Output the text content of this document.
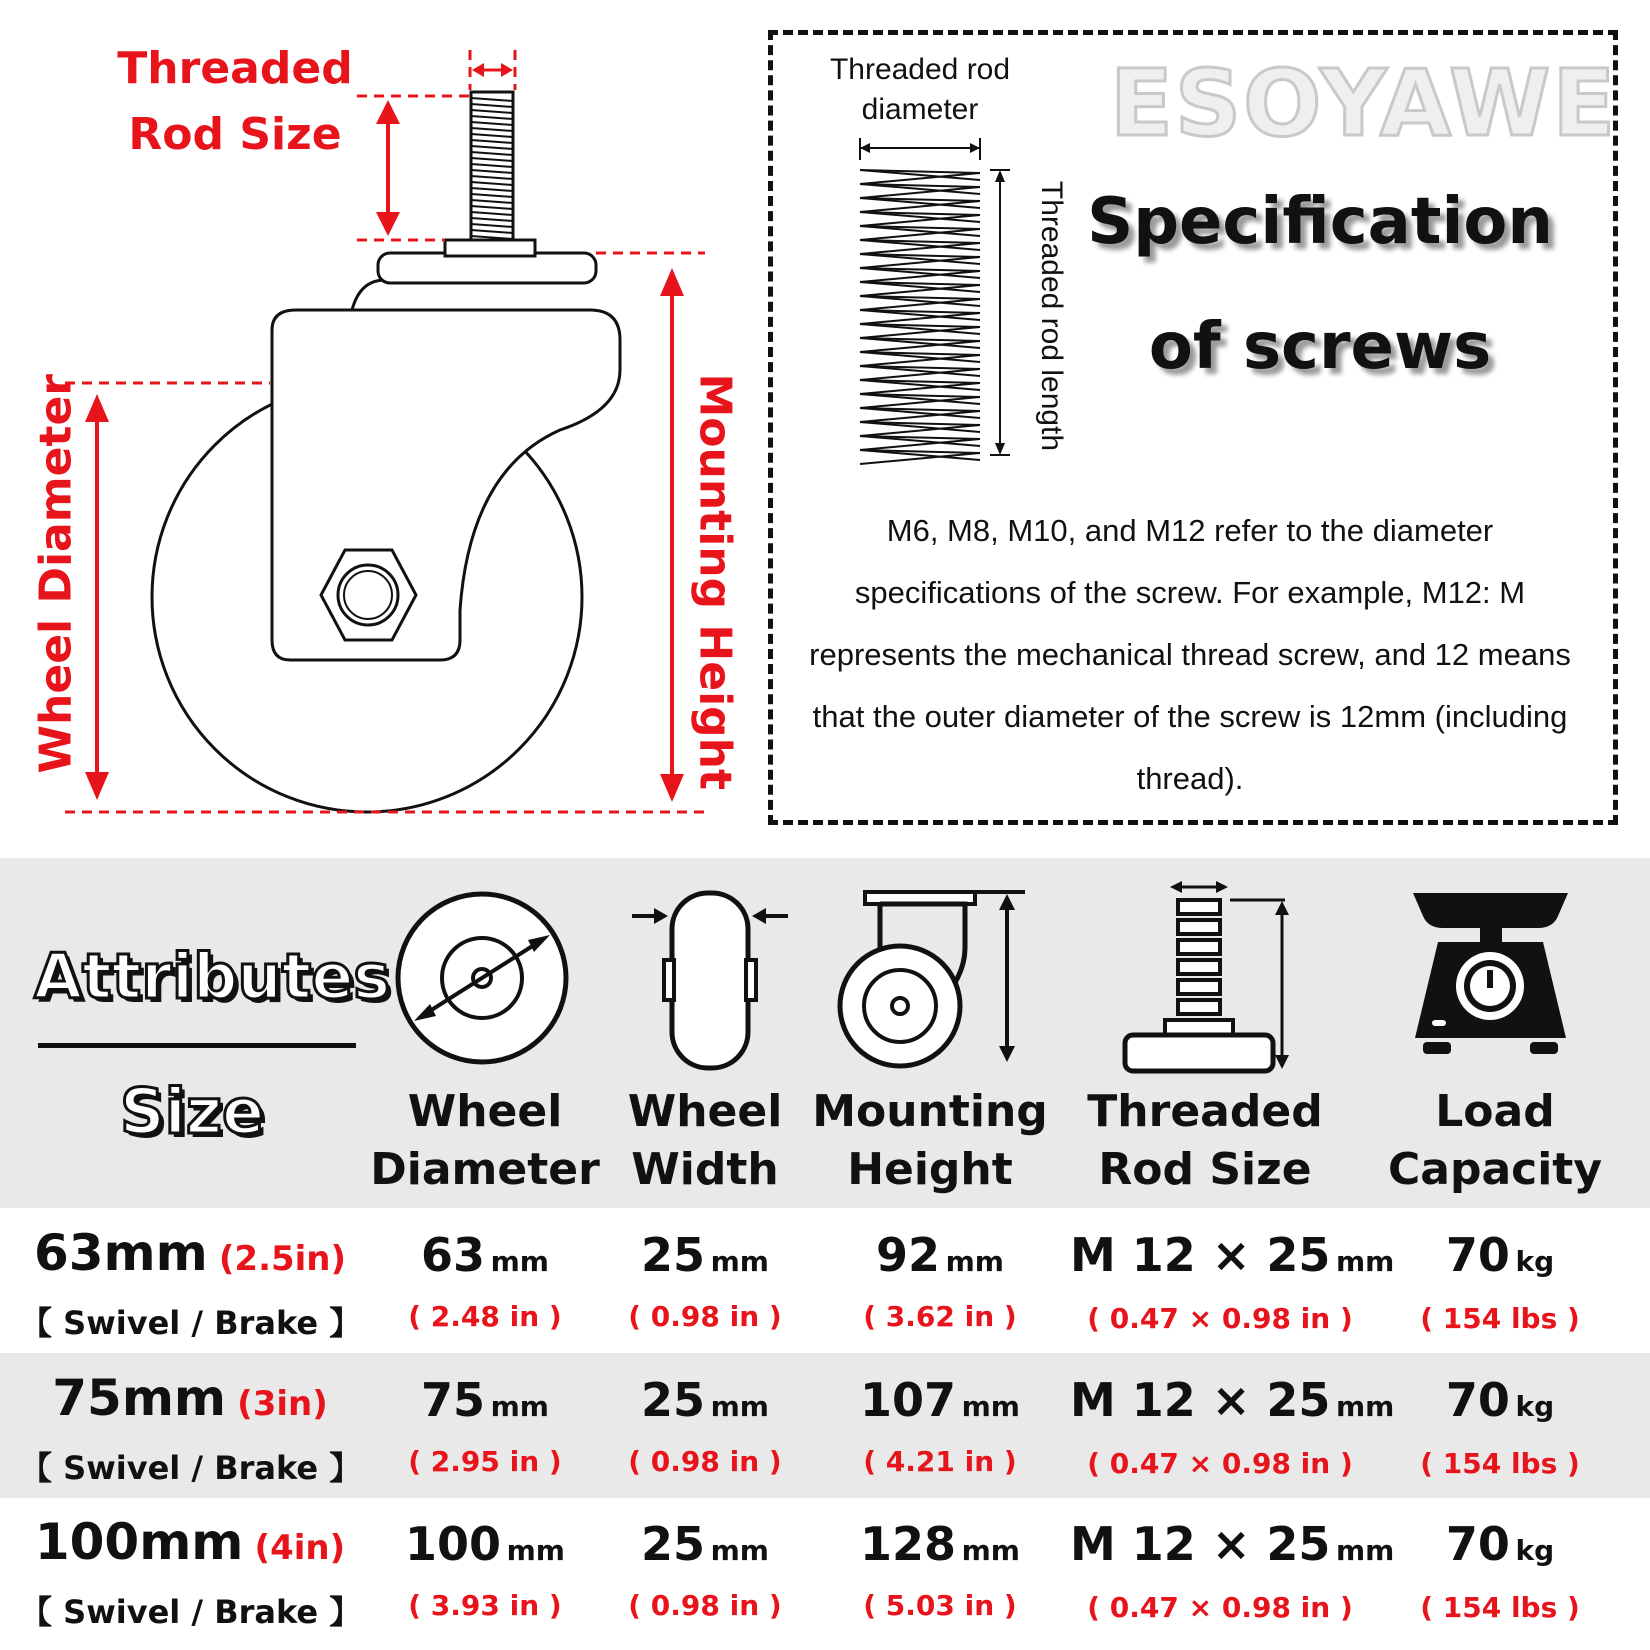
Threaded
Rod Size
Wheel Diameter	Mounting Height
Threaded rod
diameter
Threaded rod length
ESOYAWE
Specification
of screws
M6, M8, M10, and M12 refer to the diameter specifications of the screw. For example, M12: M represents the mechanical thread screw, and 12 means that the outer diameter of the screw is 12mm (including thread).
Attributes
Size	Wheel
Diameter
Wheel
Width
Mounting
Height
Threaded
Rod Size
Load
Capacity
63mm (2.5in)
【 Swivel / Brake 】
63 mm
( 2.48 in )
25 mm
( 0.98 in )
92 mm
( 3.62 in )
M 12 × 25 mm
( 0.47 × 0.98 in )
70 kg
( 154 lbs )
75mm (3in)
【 Swivel / Brake 】
75 mm
( 2.95 in )
25 mm
( 0.98 in )
107 mm
( 4.21 in )
M 12 × 25 mm
( 0.47 × 0.98 in )
70 kg
( 154 lbs )
100mm (4in)
【 Swivel / Brake 】
100 mm
( 3.93 in )
25 mm
( 0.98 in )
128 mm
( 5.03 in )
M 12 × 25 mm
( 0.47 × 0.98 in )
70 kg
( 154 lbs )
